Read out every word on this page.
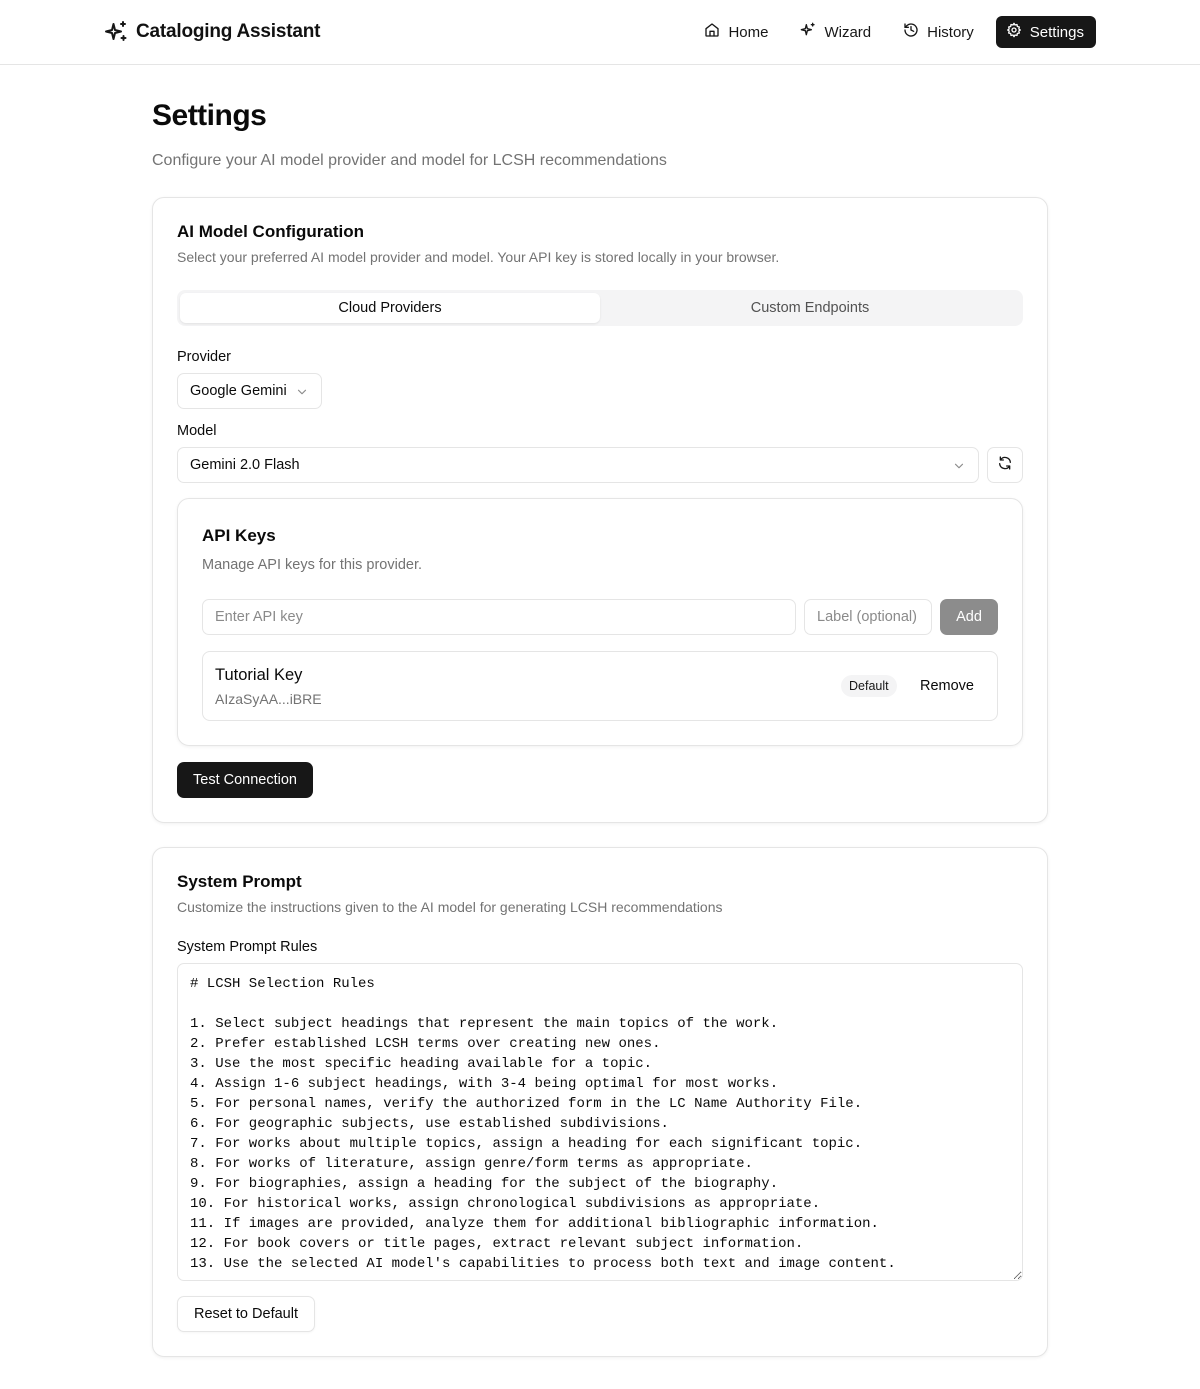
Cataloging Assistant	Home	Wizard	History	Settings
Settings

Configure your AI model provider and model for LCSH recommendations

AI Model Configuration
Select your preferred AI model provider and model. Your API key is stored locally in your browser.
Cloud Providers	Custom Endpoints
Provider
Google Gemini
Model
Gemini 2.0 Flash
API Keys
Manage API keys for this provider.
Enter API key
Label (optional)
Add
Tutorial Key
AIzaSyAA...iBRE
Default	Remove
Test Connection
System Prompt
Customize the instructions given to the AI model for generating LCSH recommendations
System Prompt Rules
# LCSH Selection Rules 1. Select subject headings that represent the main topics of the work. 2. Prefer established LCSH terms over creating new ones. 3. Use the most specific heading available for a topic. 4. Assign 1-6 subject headings, with 3-4 being optimal for most works. 5. For personal names, verify the authorized form in the LC Name Authority File. 6. For geographic subjects, use established subdivisions. 7. For works about multiple topics, assign a heading for each significant topic. 8. For works of literature, assign genre/form terms as appropriate. 9. For biographies, assign a heading for the subject of the biography. 10. For historical works, assign chronological subdivisions as appropriate. 11. If images are provided, analyze them for additional bibliographic information. 12. For book covers or title pages, extract relevant subject information. 13. Use the selected AI model's capabilities to process both text and image content.
Reset to Default
